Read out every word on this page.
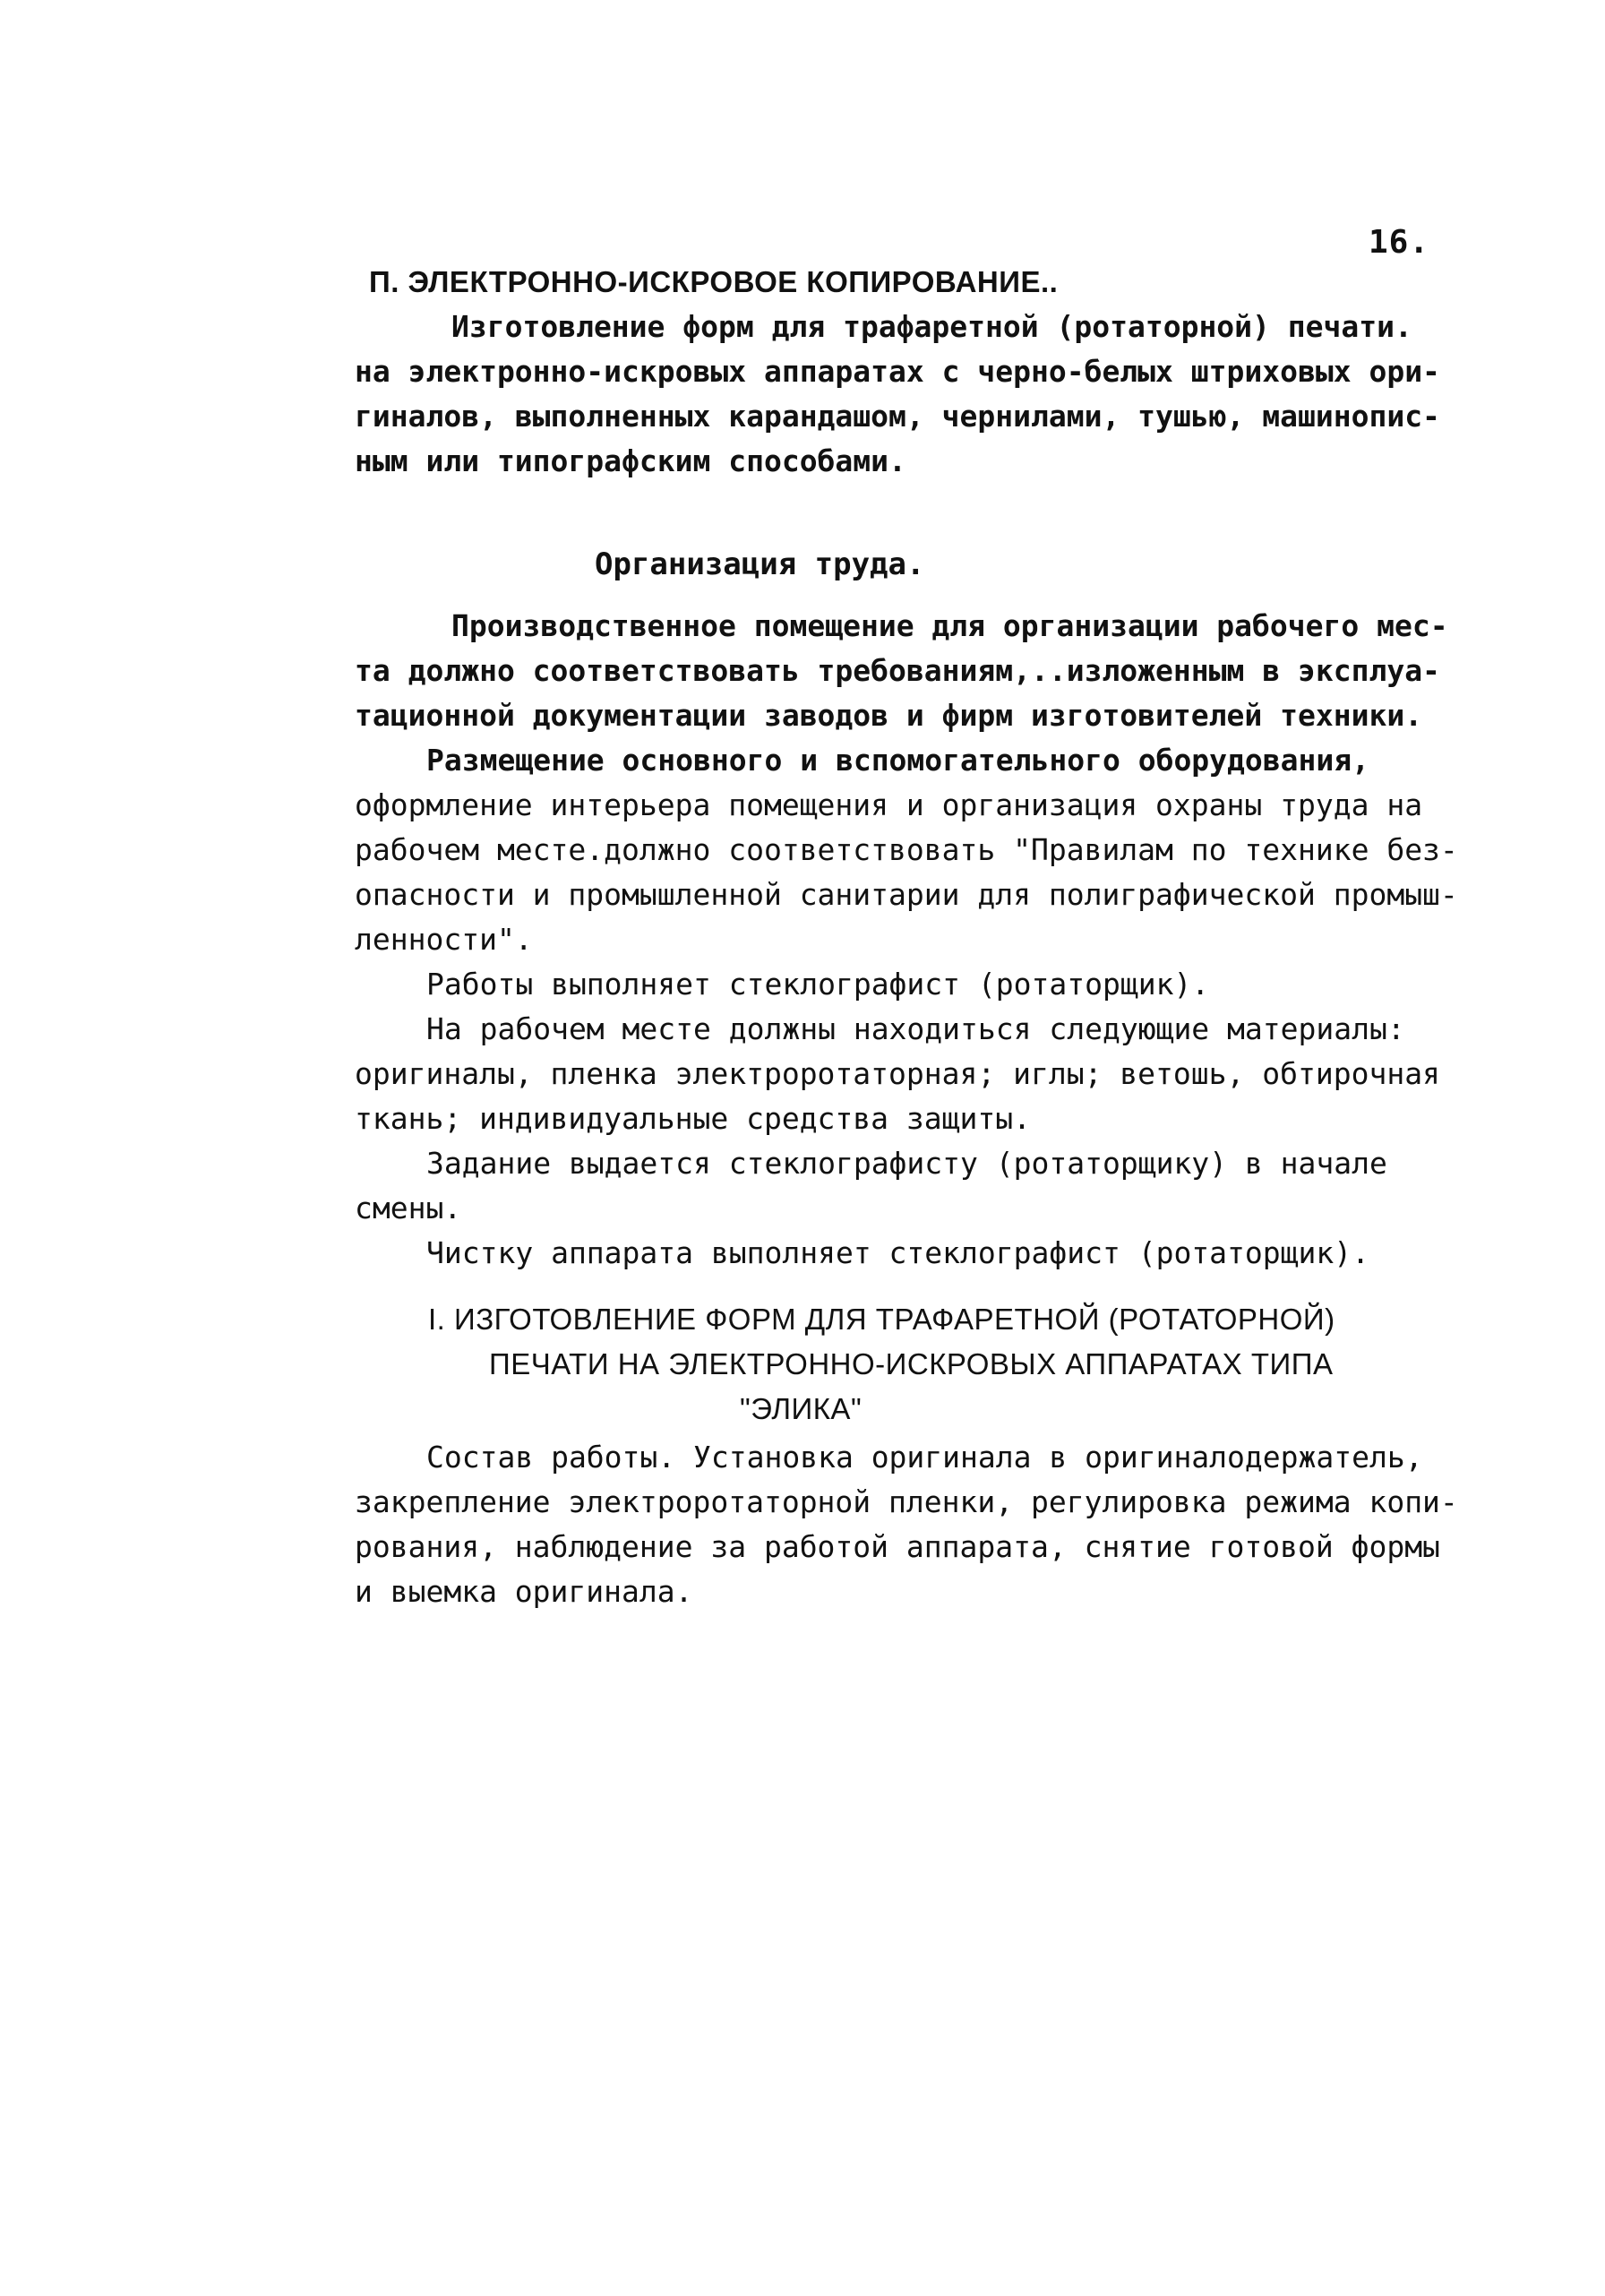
16.
П. ЭЛЕКТРОННО-ИСКРОВОЕ КОПИРОВАНИЕ..
Изготовление форм для трафаретной (ротаторной) печати.
на электронно-искровых аппаратах с черно-белых штриховых ори-
гиналов, выполненных карандашом, чернилами, тушью, машинопис-
ным или типографским способами.
Организация труда.
Производственное помещение для организации рабочего мес-
та должно соответствовать требованиям,..изложенным в эксплуа-
тационной документации заводов и фирм изготовителей техники.
Размещение основного и вспомогательного оборудования,
оформление интерьера помещения и организация охраны труда на
рабочем месте.должно соответствовать "Правилам по технике без-
опасности и промышленной санитарии для полиграфической промыш-
ленности".
Работы выполняет стеклографист (ротаторщик).
На рабочем месте должны находиться следующие материалы:
оригиналы, пленка электроротаторная; иглы; ветошь, обтирочная
ткань; индивидуальные средства защиты.
Задание выдается стеклографисту (ротаторщику) в начале
смены.
Чистку аппарата выполняет стеклографист (ротаторщик).
I. ИЗГОТОВЛЕНИЕ ФОРМ ДЛЯ ТРАФАРЕТНОЙ (РОТАТОРНОЙ)
ПЕЧАТИ НА ЭЛЕКТРОННО-ИСКРОВЫХ АППАРАТАХ ТИПА
"ЭЛИКА"
Состав работы. Установка оригинала в оригиналодержатель,
закрепление электроротаторной пленки, регулировка режима копи-
рования, наблюдение за работой аппарата, снятие готовой формы
и выемка оригинала.
